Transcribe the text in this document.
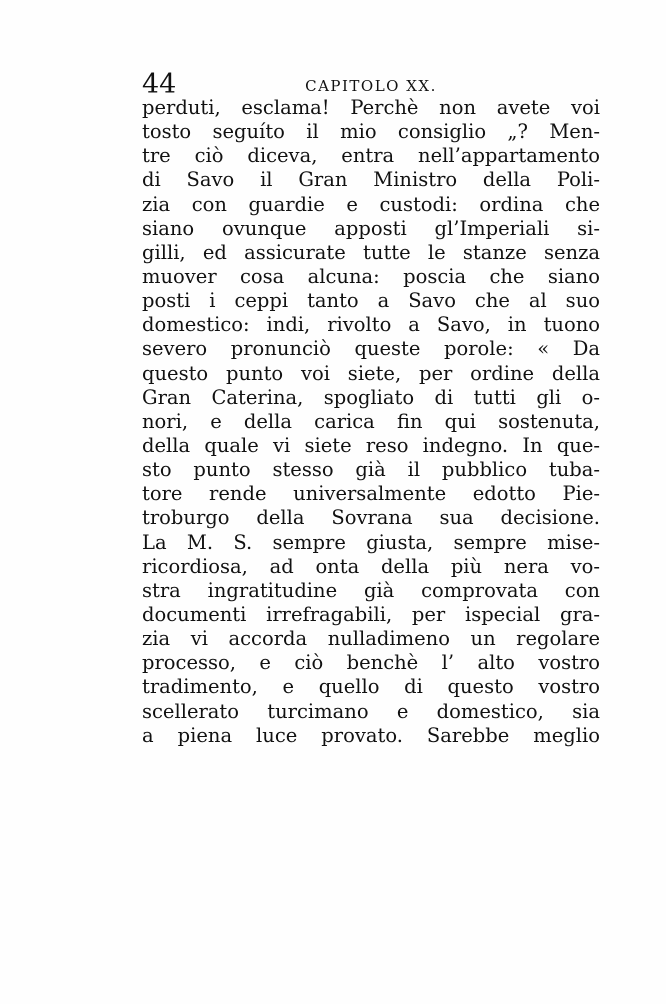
44	CAPITOLO XX.
perduti, esclama! Perchè non avete voi
tosto seguíto il mio consiglio „? Men-
tre ciò diceva, entra nell’appartamento
di Savo il Gran Ministro della Poli-
zia con guardie e custodi: ordina che
siano ovunque apposti gl’Imperiali si-
gilli, ed assicurate tutte le stanze senza
muover cosa alcuna: poscia che siano
posti i ceppi tanto a Savo che al suo
domestico: indi, rivolto a Savo, in tuono
severo pronunciò queste porole: « Da
questo punto voi siete, per ordine della
Gran Caterina, spogliato di tutti gli o-
nori, e della carica fin qui sostenuta,
della quale vi siete reso indegno. In que-
sto punto stesso già il pubblico tuba-
tore rende universalmente edotto Pie-
troburgo della Sovrana sua decisione.
La M. S. sempre giusta, sempre mise-
ricordiosa, ad onta della più nera vo-
stra ingratitudine già comprovata con
documenti irrefragabili, per ispecial gra-
zia vi accorda nulladimeno un regolare
processo, e ciò benchè l’ alto vostro
tradimento, e quello di questo vostro
scellerato turcimano e domestico, sia
a piena luce provato. Sarebbe meglio
